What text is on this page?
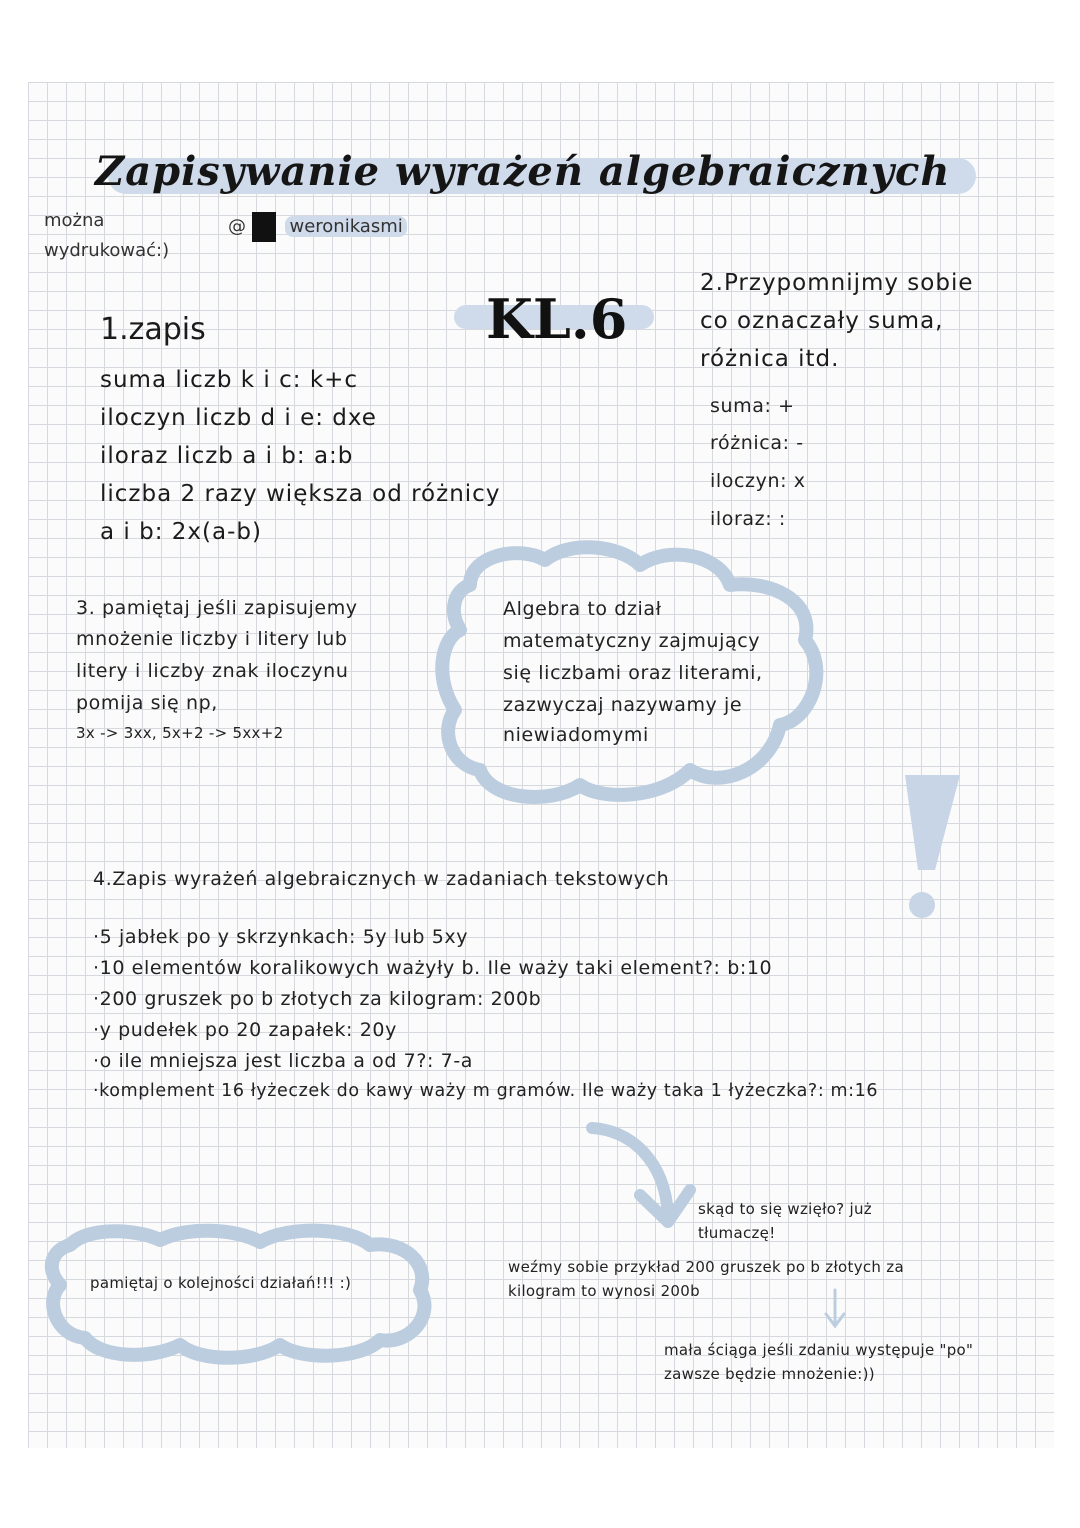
Zapisywanie wyrażeń algebraicznych
można
wydrukować:)
@ weronikasmi
KL.6
1.zapis
suma liczb k i c: k+c
iloczyn liczb d i e: dxe
iloraz liczb a i b: a:b
liczba 2 razy większa od różnicy
a i b: 2x(a-b)
2.Przypomnijmy sobie
co oznaczały suma,
różnica itd.
suma: +
różnica: -
iloczyn: x
iloraz: :
3. pamiętaj jeśli zapisujemy
mnożenie liczby i litery lub
litery i liczby znak iloczynu
pomija się np,
3x -> 3xx, 5x+2 -> 5xx+2
Algebra to dział
matematyczny zajmujący
się liczbami oraz literami,
zazwyczaj nazywamy je
niewiadomymi
4.Zapis wyrażeń algebraicznych w zadaniach tekstowych
·5 jabłek po y skrzynkach: 5y lub 5xy
·10 elementów koralikowych ważyły b. Ile waży taki element?: b:10
·200 gruszek po b złotych za kilogram: 200b
·y pudełek po 20 zapałek: 20y
·o ile mniejsza jest liczba a od 7?: 7-a
·komplement 16 łyżeczek do kawy waży m gramów. Ile waży taka 1 łyżeczka?: m:16
skąd to się wzięło? już
tłumaczę!
weźmy sobie przykład 200 gruszek po b złotych za
kilogram to wynosi 200b
mała ściąga jeśli zdaniu występuje "po"
zawsze będzie mnożenie:))
pamiętaj o kolejności działań!!! :)
